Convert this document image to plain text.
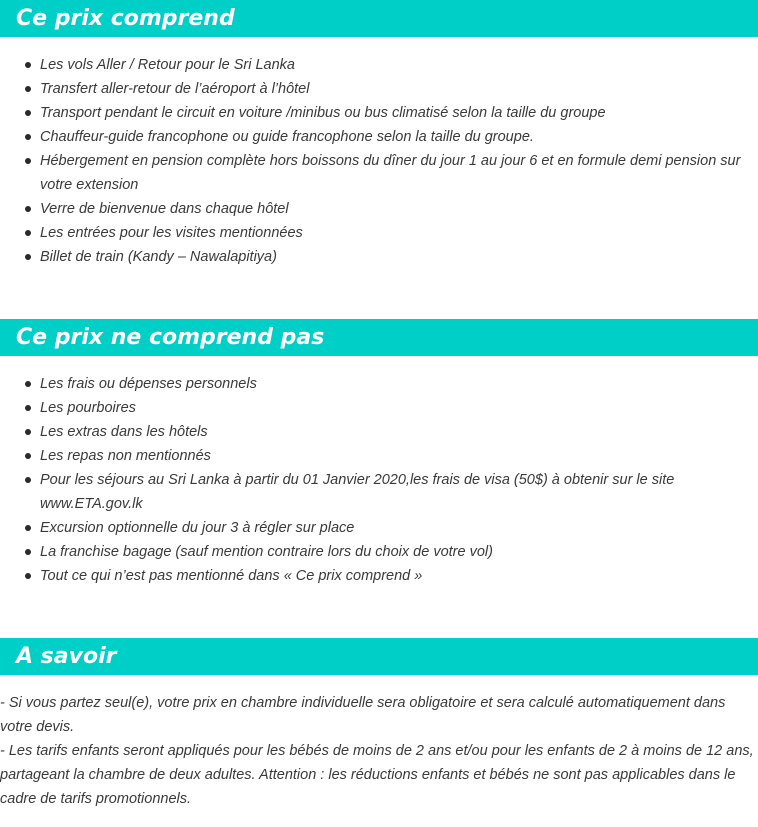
Ce prix comprend
Les vols Aller / Retour pour le Sri Lanka
Transfert aller-retour de l’aéroport à l’hôtel
Transport pendant le circuit en voiture /minibus ou bus climatisé selon la taille du groupe
Chauffeur-guide francophone ou guide francophone selon la taille du groupe.
Hébergement en pension complète hors boissons du dîner du jour 1 au jour 6 et en formule demi pension sur votre extension
Verre de bienvenue dans chaque hôtel
Les entrées pour les visites mentionnées
Billet de train (Kandy – Nawalapitiya)
Ce prix ne comprend pas
Les frais ou dépenses personnels
Les pourboires
Les extras dans les hôtels
Les repas non mentionnés
Pour les séjours au Sri Lanka à partir du 01 Janvier 2020,les frais de visa (50$) à obtenir sur le site www.ETA.gov.lk
Excursion optionnelle du jour 3 à régler sur place
La franchise bagage (sauf mention contraire lors du choix de votre vol)
Tout ce qui n’est pas mentionné dans « Ce prix comprend »
A savoir

- Si vous partez seul(e), votre prix en chambre individuelle sera obligatoire et sera calculé automatiquement dans votre devis.

- Les tarifs enfants seront appliqués pour les bébés de moins de 2 ans et/ou pour les enfants de 2 à moins de 12 ans, partageant la chambre de deux adultes. Attention : les réductions enfants et bébés ne sont pas applicables dans le cadre de tarifs promotionnels.
